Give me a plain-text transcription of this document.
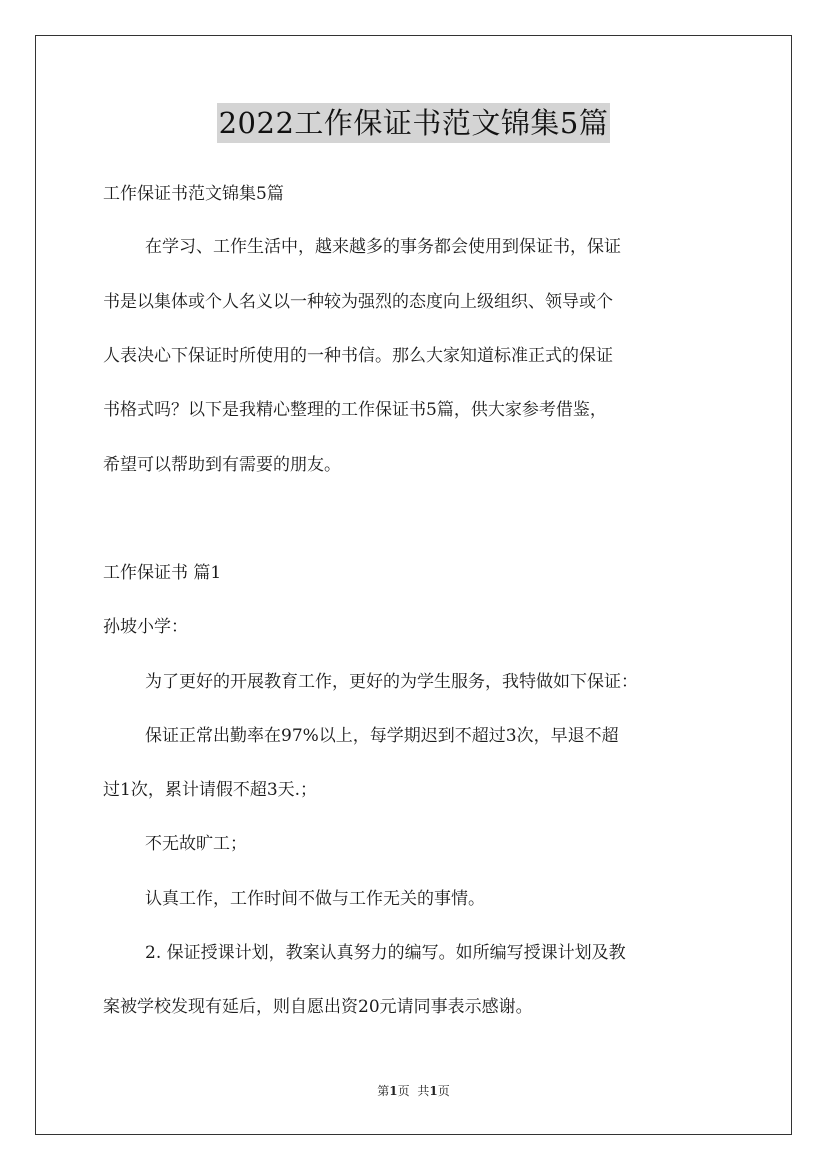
2022工作保证书范文锦集5篇
工作保证书范文锦集5篇
在学习、工作生活中，越来越多的事务都会使用到保证书，保证
书是以集体或个人名义以一种较为强烈的态度向上级组织、领导或个
人表决心下保证时所使用的一种书信。那么大家知道标准正式的保证
书格式吗？以下是我精心整理的工作保证书5篇，供大家参考借鉴，
希望可以帮助到有需要的朋友。
工作保证书 篇1
孙坡小学：
为了更好的开展教育工作，更好的为学生服务，我特做如下保证：
保证正常出勤率在97%以上，每学期迟到不超过3次，早退不超
过1次，累计请假不超3天.；
不无故旷工；
认真工作，工作时间不做与工作无关的事情。
2. 保证授课计划，教案认真努力的编写。如所编写授课计划及教
案被学校发现有延后，则自愿出资20元请同事表示感谢。
第1页 共1页
